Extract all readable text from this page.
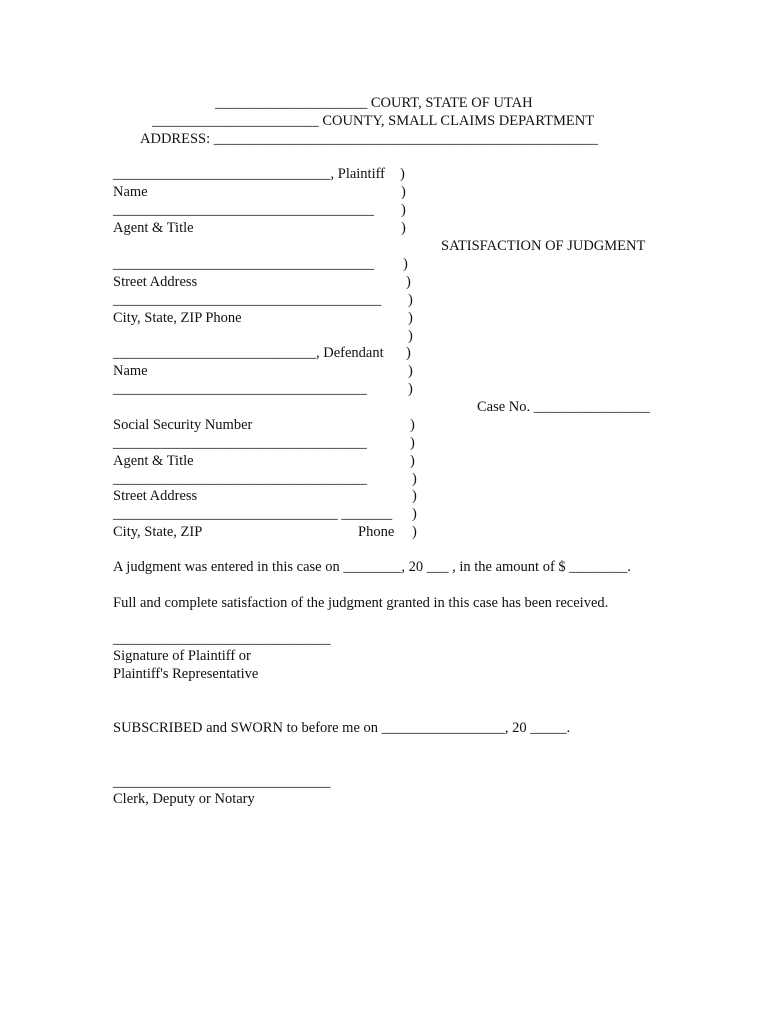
_____________________ COURT, STATE OF UTAH
_______________________ COUNTY, SMALL CLAIMS DEPARTMENT
ADDRESS: _____________________________________________________
______________________________, Plaintiff )
Name	)
____________________________________ )
Agent & Title	)
SATISFACTION OF JUDGMENT
____________________________________ )
Street Address	)
_____________________________________ )
City, State, ZIP Phone	)
)
____________________________, Defendant )
Name	)
___________________________________	)
Case No. ________________
Social Security Number	)
___________________________________	)
Agent & Title	)
___________________________________	)
Street Address	)
_______________________________ _______ )
City, State, ZIP	Phone )
A judgment was entered in this case on ________, 20 ___ , in the amount of $ ________.
Full and complete satisfaction of the judgment granted in this case has been received.
______________________________
Signature of Plaintiff or
Plaintiff's Representative
SUBSCRIBED and SWORN to before me on _________________, 20 _____.
______________________________
Clerk, Deputy or Notary
